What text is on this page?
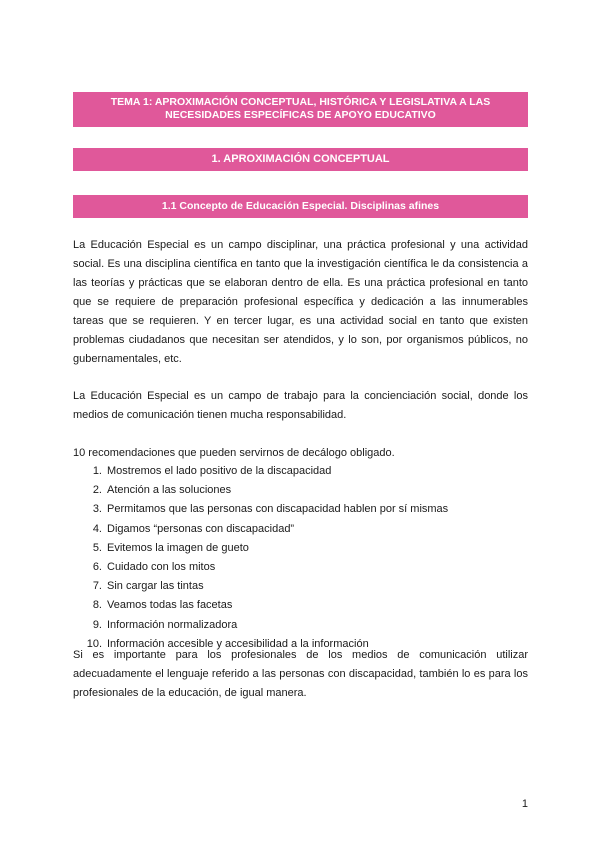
TEMA 1: APROXIMACIÓN CONCEPTUAL, HISTÓRICA Y LEGISLATIVA A LAS
NECESIDADES ESPECÍFICAS DE APOYO EDUCATIVO
1. APROXIMACIÓN CONCEPTUAL
1.1 Concepto de Educación Especial. Disciplinas afines

La Educación Especial es un campo disciplinar, una práctica profesional y una actividad social. Es una disciplina científica en tanto que la investigación científica le da consistencia a las teorías y prácticas que se elaboran dentro de ella. Es una práctica profesional en tanto que se requiere de preparación profesional específica y dedicación a las innumerables tareas que se requieren. Y en tercer lugar, es una actividad social en tanto que existen problemas ciudadanos que necesitan ser atendidos, y lo son, por organismos públicos, no gubernamentales, etc.

La Educación Especial es un campo de trabajo para la concienciación social, donde los medios de comunicación tienen mucha responsabilidad.

10 recomendaciones que pueden servirnos de decálogo obligado.

1. Mostremos el lado positivo de la discapacidad
2. Atención a las soluciones
3. Permitamos que las personas con discapacidad hablen por sí mismas
4. Digamos “personas con discapacidad”
5. Evitemos la imagen de gueto
6. Cuidado con los mitos
7. Sin cargar las tintas
8. Veamos todas las facetas
9. Información normalizadora
10. Información accesible y accesibilidad a la información

Si es importante para los profesionales de los medios de comunicación utilizar adecuadamente el lenguaje referido a las personas con discapacidad, también lo es para los profesionales de la educación, de igual manera.

1
